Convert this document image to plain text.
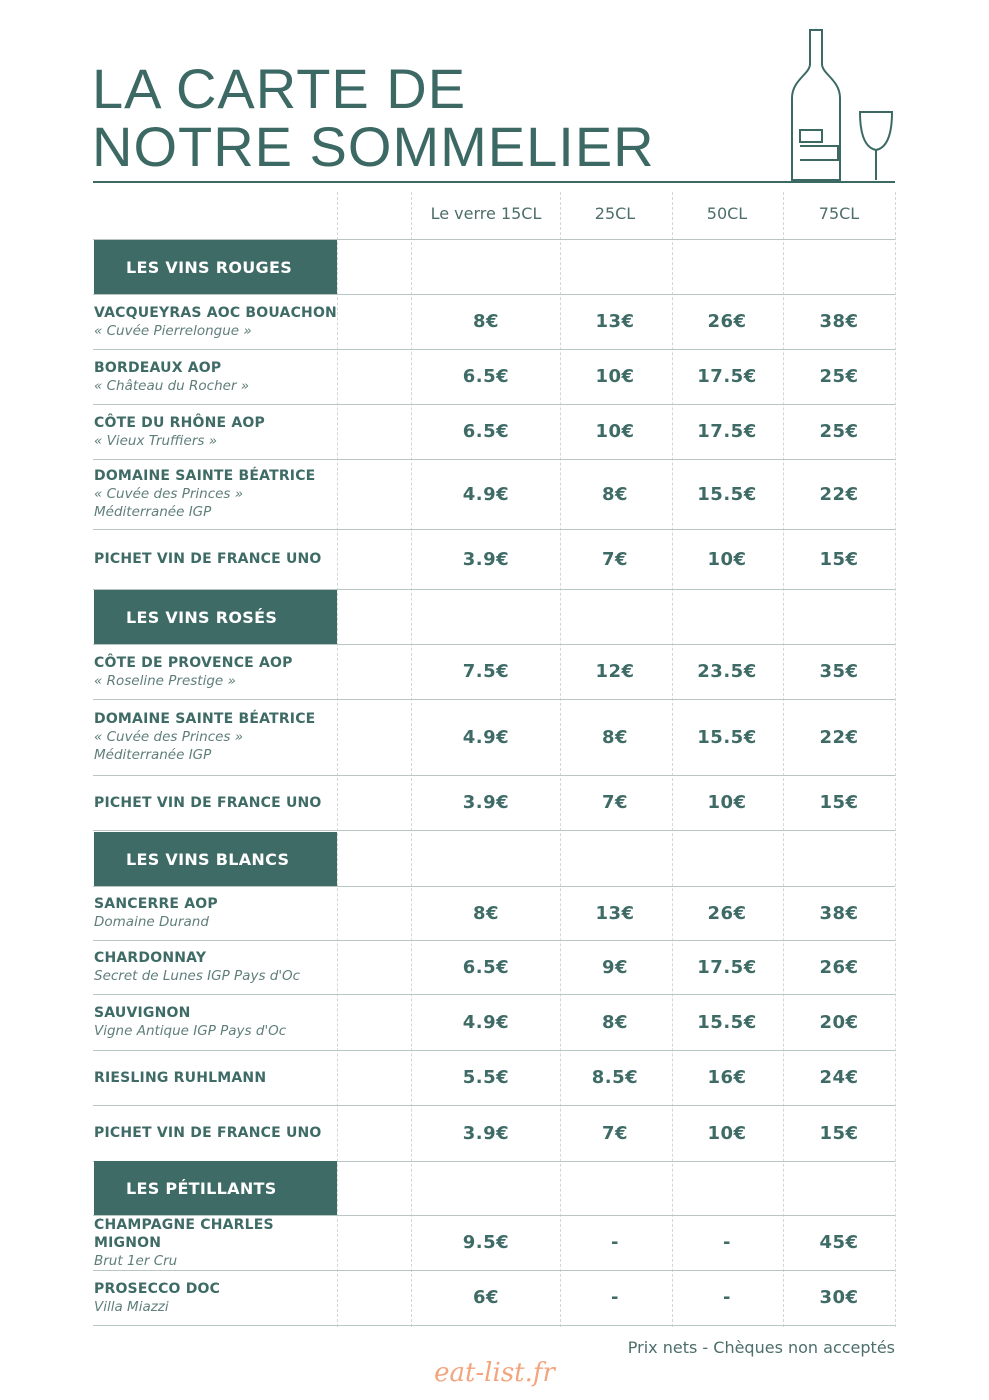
LA CARTE DE
NOTRE SOMMELIER
Le verre 15CL	25CL	50CL	75CL
LES VINS ROUGES
VACQUEYRAS AOC BOUACHON
« Cuvée Pierrelongue »	8€	13€	26€	38€
BORDEAUX AOP
« Château du Rocher »	6.5€	10€	17.5€	25€
CÔTE DU RHÔNE AOP
« Vieux Truffiers »	6.5€	10€	17.5€	25€
DOMAINE SAINTE BÉATRICE
« Cuvée des Princes »
Méditerranée IGP
4.9€	8€	15.5€	22€
PICHET VIN DE FRANCE UNO	3.9€	7€	10€	15€
LES VINS ROSÉS
CÔTE DE PROVENCE AOP
« Roseline Prestige »	7.5€	12€	23.5€	35€
DOMAINE SAINTE BÉATRICE
« Cuvée des Princes »
Méditerranée IGP
4.9€	8€	15.5€	22€
PICHET VIN DE FRANCE UNO	3.9€	7€	10€	15€
LES VINS BLANCS
SANCERRE AOP
Domaine Durand	8€	13€	26€	38€
CHARDONNAY
Secret de Lunes IGP Pays d'Oc	6.5€	9€	17.5€	26€
SAUVIGNON
Vigne Antique IGP Pays d'Oc	4.9€	8€	15.5€	20€
RIESLING RUHLMANN	5.5€	8.5€	16€	24€
PICHET VIN DE FRANCE UNO	3.9€	7€	10€	15€
LES PÉTILLANTS
CHAMPAGNE CHARLES MIGNON
Brut 1er Cru
9.5€	-	-	45€
PROSECCO DOC
Villa Miazzi	6€	-	-	30€
Prix nets - Chèques non acceptés
eat-list.fr
